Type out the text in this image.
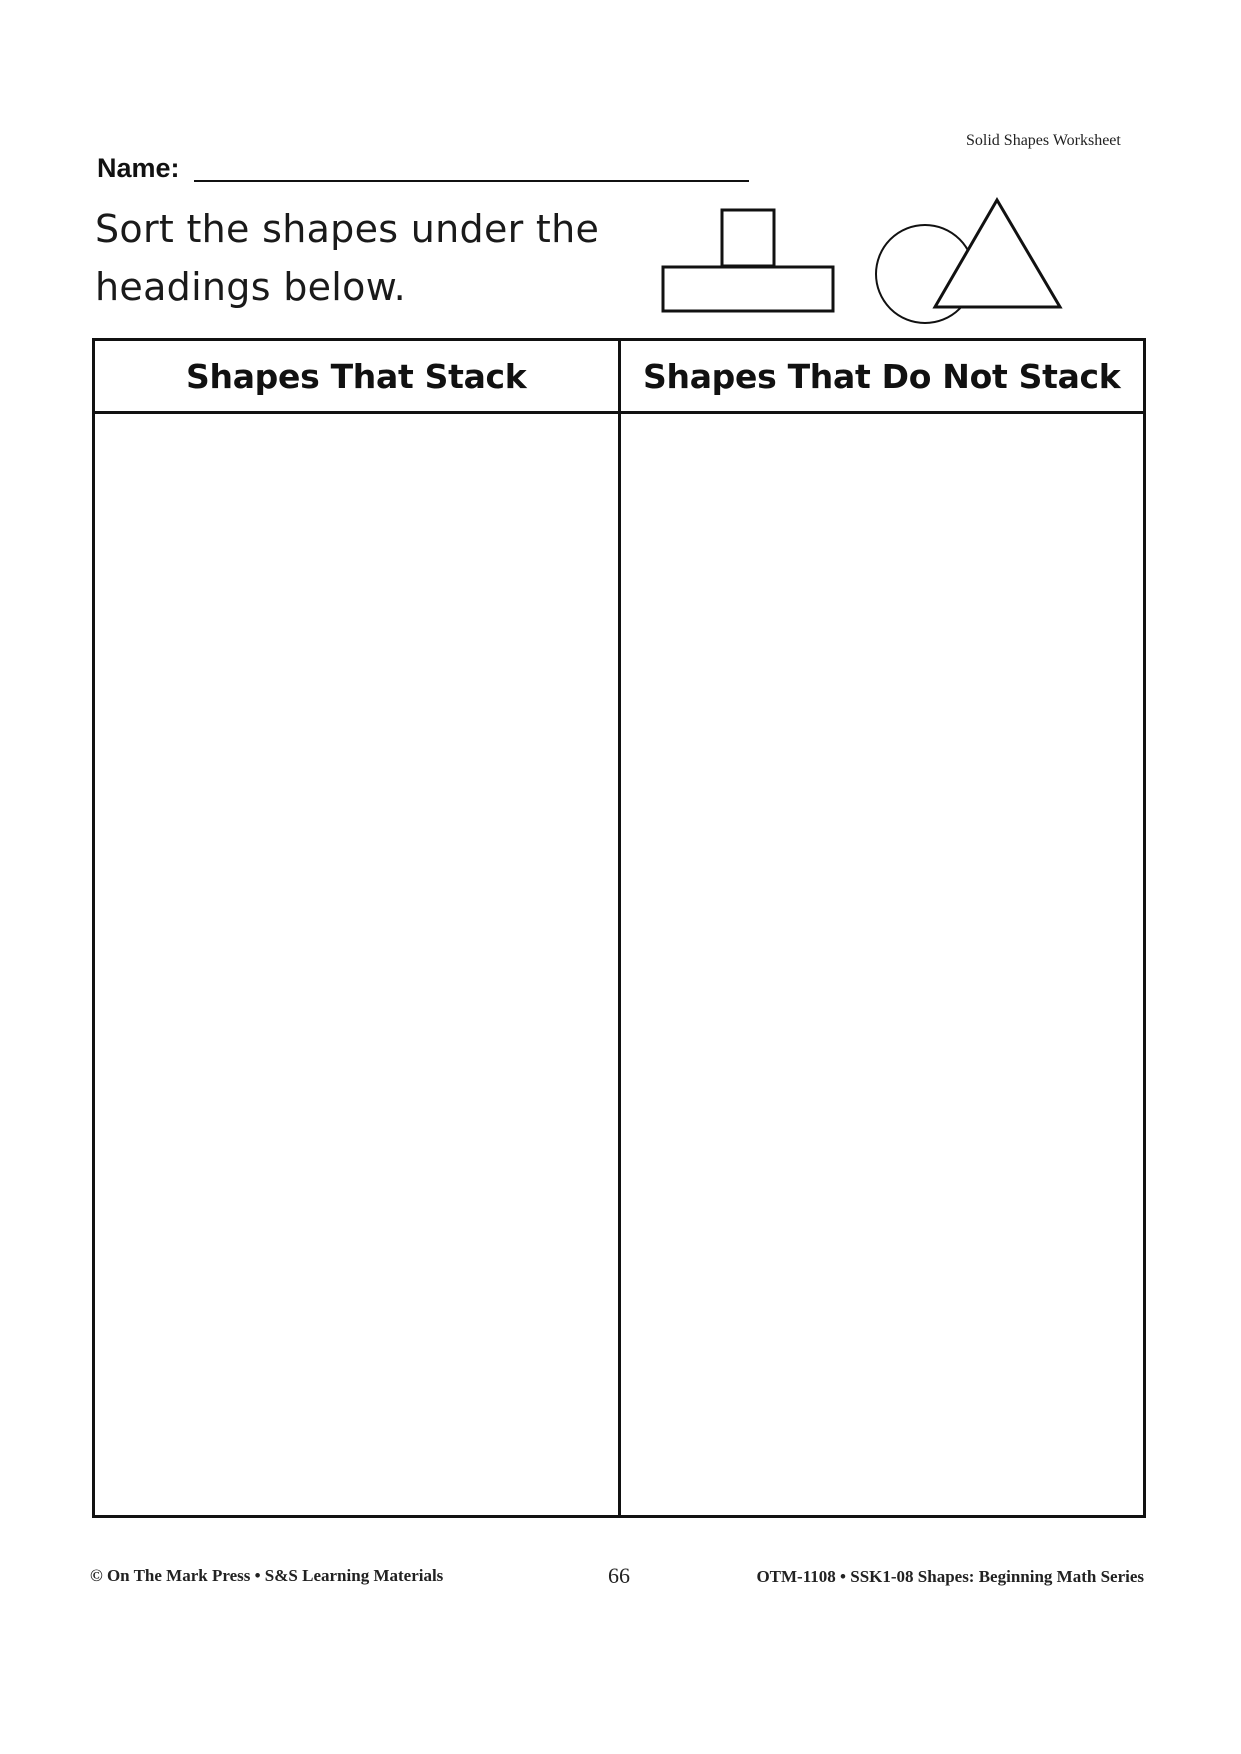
Solid Shapes Worksheet
Name:
Sort the shapes under the
headings below.
Shapes That Stack	Shapes That Do Not Stack
© On The Mark Press • S&S Learning Materials	66	OTM-1108 • SSK1-08 Shapes: Beginning Math Series
